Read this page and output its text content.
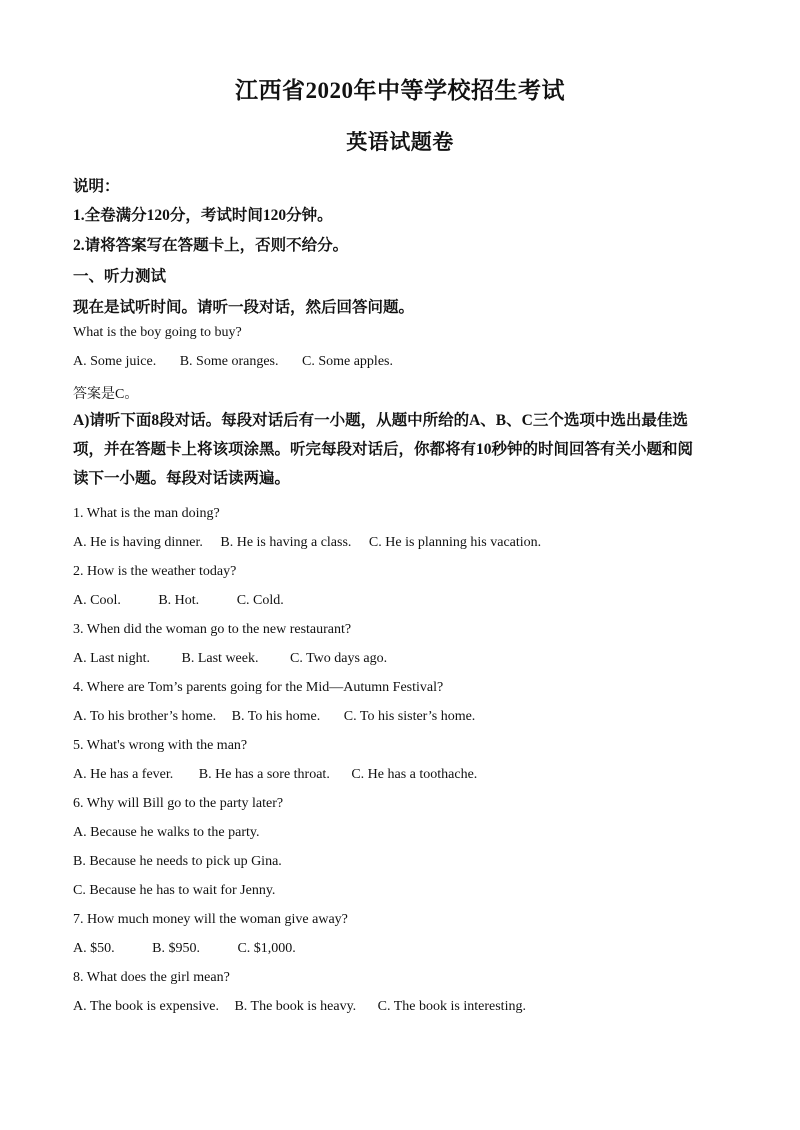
江西省2020年中等学校招生考试
英语试题卷
说明：
1.全卷满分120分，考试时间120分钟。
2.请将答案写在答题卡上，否则不给分。
一、听力测试
现在是试听时间。请听一段对话，然后回答问题。
What is the boy going to buy?
A. Some juice. B. Some oranges. C. Some apples.
答案是C。
A)请听下面8段对话。每段对话后有一小题，从题中所给的A、B、C三个选项中选出最佳选
项，并在答题卡上将该项涂黑。听完每段对话后，你都将有10秒钟的时间回答有关小题和阅
读下一小题。每段对话读两遍。
1. What is the man doing?
A. He is having dinner. B. He is having a class. C. He is planning his vacation.
2. How is the weather today?
A. Cool.	B. Hot.	C. Cold.
3. When did the woman go to the new restaurant?
A. Last night. B. Last week. C. Two days ago.
4. Where are Tom’s parents going for the Mid—Autumn Festival?
A. To his brother’s home. B. To his home. C. To his sister’s home.
5. What's wrong with the man?
A. He has a fever. B. He has a sore throat. C. He has a toothache.
6. Why will Bill go to the party later?
A. Because he walks to the party.
B. Because he needs to pick up Gina.
C. Because he has to wait for Jenny.
7. How much money will the woman give away?
A. $50.	B. $950.	C. $1,000.
8. What does the girl mean?
A. The book is expensive. B. The book is heavy. C. The book is interesting.
